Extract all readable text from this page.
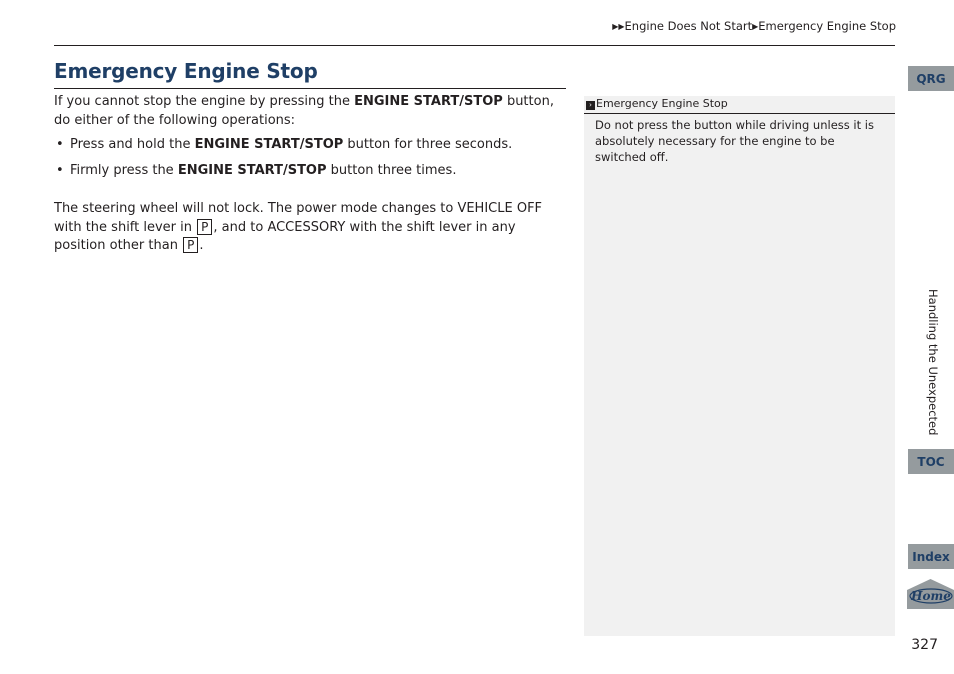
▶▶Engine Does Not Start▶Emergency Engine Stop
Emergency Engine Stop

If you cannot stop the engine by pressing the ENGINE START/STOP button, do either of the following operations:

• Press and hold the ENGINE START/STOP button for three seconds.
• Firmly press the ENGINE START/STOP button three times.

The steering wheel will not lock. The power mode changes to VEHICLE OFF with the shift lever in P , and to ACCESSORY with the shift lever in any position other than P .

› Emergency Engine Stop
Do not press the button while driving unless it is absolutely necessary for the engine to be switched off.
QRG
Handling the Unexpected
TOC
Index
Home
327
